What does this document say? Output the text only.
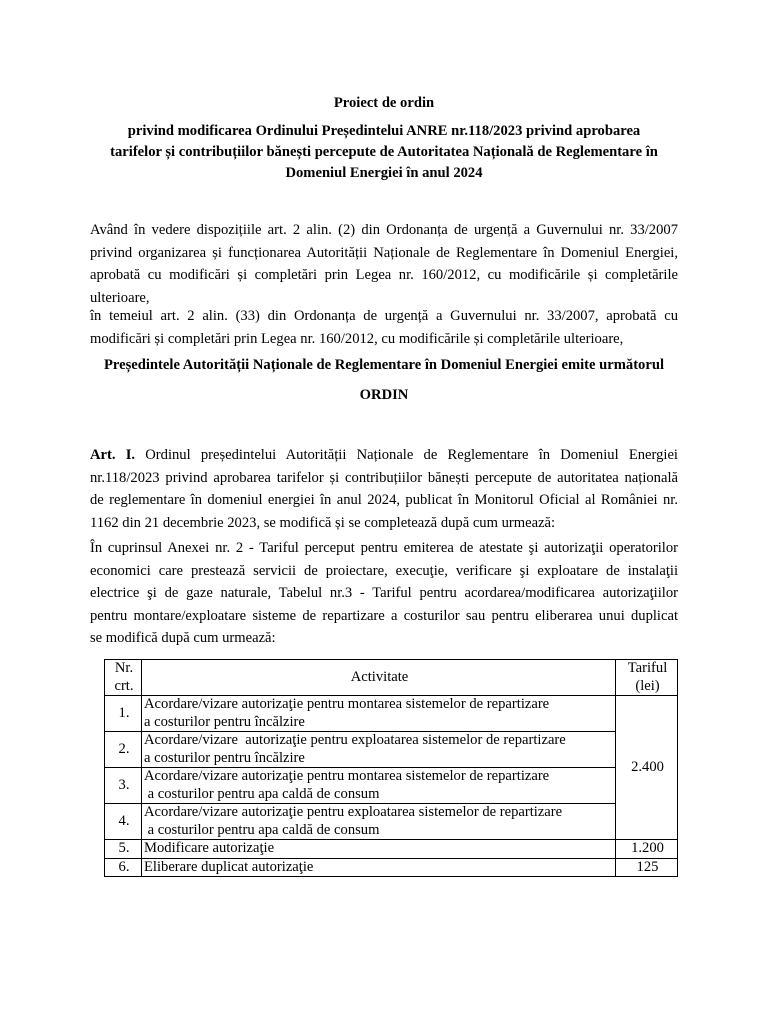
Proiect de ordin
privind modificarea Ordinului Președintelui ANRE nr.118/2023 privind aprobarea
tarifelor și contribuțiilor bănești percepute de Autoritatea Națională de Reglementare în
Domeniul Energiei în anul 2024
Având în vedere dispozițiile art. 2 alin. (2) din Ordonanța de urgență a Guvernului nr. 33/2007
privind organizarea și funcționarea Autorității Naționale de Reglementare în Domeniul Energiei,
aprobată cu modificări și completări prin Legea nr. 160/2012, cu modificările și completările
ulterioare,
în temeiul art. 2 alin. (33) din Ordonanța de urgență a Guvernului nr. 33/2007, aprobată cu
modificări și completări prin Legea nr. 160/2012, cu modificările și completările ulterioare,
Președintele Autorității Naționale de Reglementare în Domeniul Energiei emite următorul
ORDIN
Art. I. Ordinul președintelui Autorității Naționale de Reglementare în Domeniul Energiei
nr.118/2023 privind aprobarea tarifelor și contribuțiilor bănești percepute de autoritatea națională
de reglementare în domeniul energiei în anul 2024, publicat în Monitorul Oficial al României nr.
1162 din 21 decembrie 2023, se modifică și se completează după cum urmează:
În cuprinsul Anexei nr. 2 - Tariful perceput pentru emiterea de atestate şi autorizaţii operatorilor
economici care prestează servicii de proiectare, execuţie, verificare şi exploatare de instalaţii
electrice şi de gaze naturale, Tabelul nr.3 - Tariful pentru acordarea/modificarea autorizaţiilor
pentru montare/exploatare sisteme de repartizare a costurilor sau pentru eliberarea unui duplicat
se modifică după cum urmează:
Nr.
crt.	Activitate	Tariful
(lei)
1.	Acordare/vizare autorizaţie pentru montarea sistemelor de repartizare
a costurilor pentru încălzire	2.400
2.	Acordare/vizare  autorizaţie pentru exploatarea sistemelor de repartizare
a costurilor pentru încălzire	
3.	Acordare/vizare autorizaţie pentru montarea sistemelor de repartizare
a costurilor pentru apa caldă de consum	
4.	Acordare/vizare autorizaţie pentru exploatarea sistemelor de repartizare
a costurilor pentru apa caldă de consum	
5.	Modificare autorizaţie	1.200
6.	Eliberare duplicat autorizaţie	125
